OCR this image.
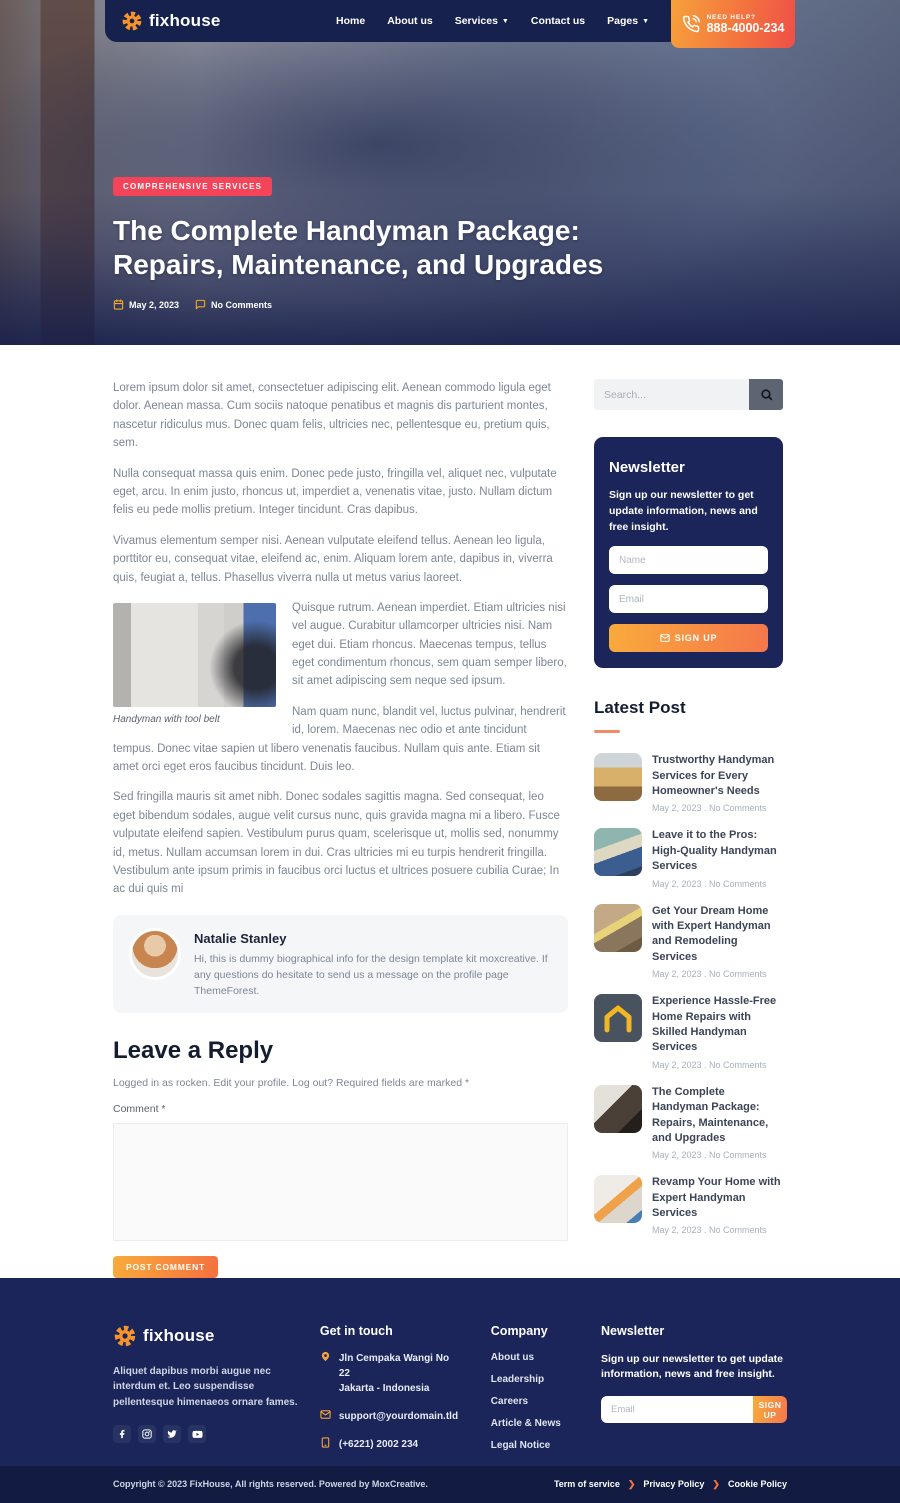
fixhouse	Home About us Services ▼ Contact us Pages ▼
NEED HELP?
888-4000-234
COMPREHENSIVE SERVICES
The Complete Handyman Package: Repairs, Maintenance, and Upgrades
May 2, 2023	No Comments

Lorem ipsum dolor sit amet, consectetuer adipiscing elit. Aenean commodo ligula eget dolor. Aenean massa. Cum sociis natoque penatibus et magnis dis parturient montes, nascetur ridiculus mus. Donec quam felis, ultricies nec, pellentesque eu, pretium quis, sem.

Nulla consequat massa quis enim. Donec pede justo, fringilla vel, aliquet nec, vulputate eget, arcu. In enim justo, rhoncus ut, imperdiet a, venenatis vitae, justo. Nullam dictum felis eu pede mollis pretium. Integer tincidunt. Cras dapibus.

Vivamus elementum semper nisi. Aenean vulputate eleifend tellus. Aenean leo ligula, porttitor eu, consequat vitae, eleifend ac, enim. Aliquam lorem ante, dapibus in, viverra quis, feugiat a, tellus. Phasellus viverra nulla ut metus varius laoreet.

Handyman with tool belt

Quisque rutrum. Aenean imperdiet. Etiam ultricies nisi vel augue. Curabitur ullamcorper ultricies nisi. Nam eget dui. Etiam rhoncus. Maecenas tempus, tellus eget condimentum rhoncus, sem quam semper libero, sit amet adipiscing sem neque sed ipsum.

Nam quam nunc, blandit vel, luctus pulvinar, hendrerit id, lorem. Maecenas nec odio et ante tincidunt tempus. Donec vitae sapien ut libero venenatis faucibus. Nullam quis ante. Etiam sit amet orci eget eros faucibus tincidunt. Duis leo.

Sed fringilla mauris sit amet nibh. Donec sodales sagittis magna. Sed consequat, leo eget bibendum sodales, augue velit cursus nunc, quis gravida magna mi a libero. Fusce vulputate eleifend sapien. Vestibulum purus quam, scelerisque ut, mollis sed, nonummy id, metus. Nullam accumsan lorem in dui. Cras ultricies mi eu turpis hendrerit fringilla. Vestibulum ante ipsum primis in faucibus orci luctus et ultrices posuere cubilia Curae; In ac dui quis mi

Natalie Stanley
Hi, this is dummy biographical info for the design template kit moxcreative. If any questions do hesitate to send us a message on the profile page ThemeForest.
Leave a Reply
Logged in as rocken. Edit your profile. Log out? Required fields are marked *
Comment *
POST COMMENT
Search...
Newsletter
Sign up our newsletter to get update information, news and free insight.
Name Email
SIGN UP
Latest Post
Trustworthy Handyman Services for Every Homeowner's Needs
May 2, 2023 . No Comments
Leave it to the Pros: High-Quality Handyman Services
May 2, 2023 . No Comments
Get Your Dream Home with Expert Handyman and Remodeling Services
May 2, 2023 . No Comments
Experience Hassle-Free Home Repairs with Skilled Handyman Services
May 2, 2023 . No Comments
The Complete Handyman Package: Repairs, Maintenance, and Upgrades
May 2, 2023 . No Comments
Revamp Your Home with Expert Handyman Services
May 2, 2023 . No Comments
fixhouse
Aliquet dapibus morbi augue nec interdum et. Leo suspendisse pellentesque himenaeos ornare fames.
Get in touch
Jln Cempaka Wangi No 22
Jakarta - Indonesia
support@yourdomain.tld
(+6221) 2002 234
Company
About us
Leadership
Careers
Article & News
Legal Notice
Newsletter
Sign up our newsletter to get update information, news and free insight.
Email
SIGN UP
Copyright © 2023 FixHouse, All rights reserved. Powered by MoxCreative.	Term of service ❯ Privacy Policy ❯ Cookie Policy
